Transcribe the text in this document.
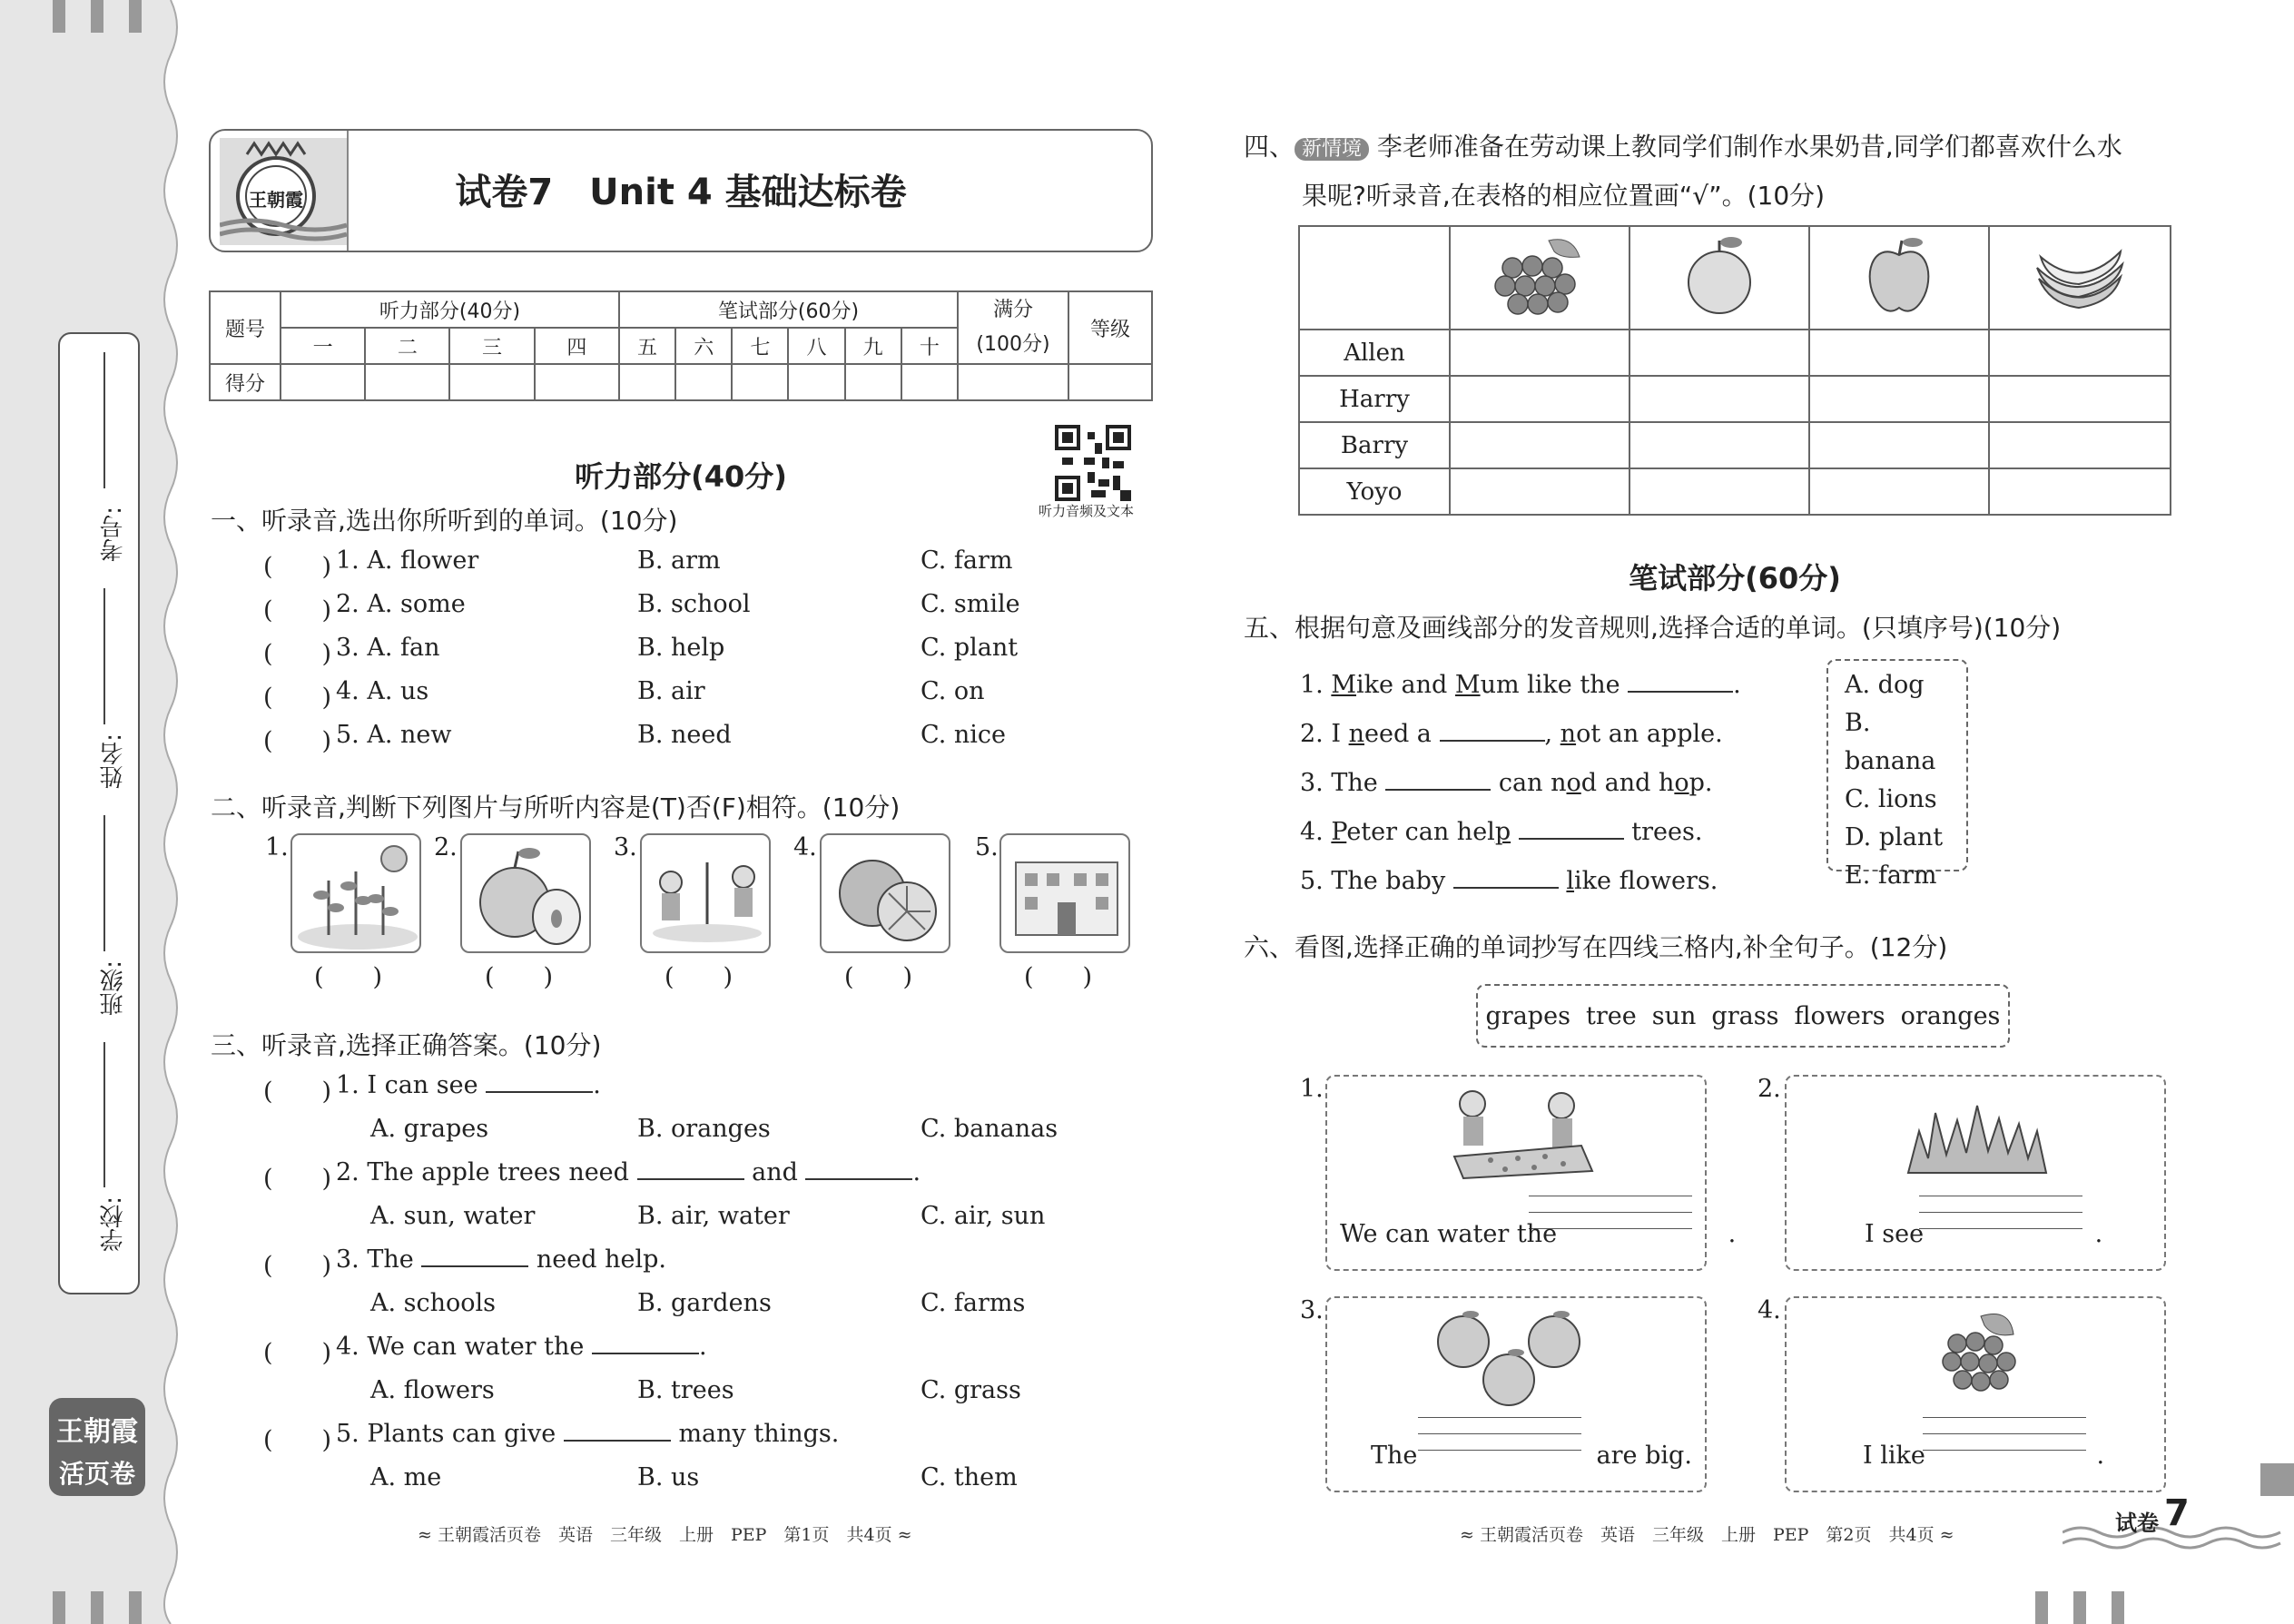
考号:
姓名:
班级:
学校:
王朝霞
活页卷
王朝霞	试卷7　Unit 4 基础达标卷
题号	听力部分(40分)				笔试部分(60分)						满分
(100分)	等级
	一	二	三	四	五	六	七	八	九	十		
得分												
听力音频及文本
听力部分(40分)
一、听录音,选出你所听到的单词。(10分)
(　　) 1. A. flower	B. arm	C. farm
(　　) 2. A. some	B. school	C. smile
(　　) 3. A. fan	B. help	C. plant
(　　) 4. A. us	B. air	C. on
(　　) 5. A. new	B. need	C. nice
二、听录音,判断下列图片与所听内容是(T)否(F)相符。(10分)
1.	2.	3.	4.	5.
(　　)	(　　)	(　　)	(　　)	(　　)
三、听录音,选择正确答案。(10分)
(　　) 1. I can see	.
A. grapes	B. oranges	C. bananas
(　　) 2. The apple trees need	and	.
A. sun, water	B. air, water	C. air, sun
(　　) 3. The	need help.
A. schools	B. gardens	C. farms
(　　) 4. We can water the	.
A. flowers	B. trees	C. grass
(　　) 5. Plants can give	many things.
A. me	B. us	C. them
≈ 王朝霞活页卷　英语　三年级　上册　PEP　第1页　共4页 ≈
四、 新情境 李老师准备在劳动课上教同学们制作水果奶昔,同学们都喜欢什么水
果呢?听录音,在表格的相应位置画“√”。(10分)

Allen				
Harry				
Barry				
Yoyo				
笔试部分(60分)
五、根据句意及画线部分的发音规则,选择合适的单词。(只填序号)(10分)
1. Mike and Mum like the	.
2. I need a	, not an apple.
3. The	can nod and hop.
4. Peter can help	trees.
5. The baby	like fowers.
A. dog
B. banana
C. lions
D. plant
E. farm
六、看图,选择正确的单词抄写在四线三格内,补全句子。(12分)
grapes tree sun grass flowers oranges
1.
We can water the	.
2.
I see	.
3.
The	are big.
4.
I like	.
≈ 王朝霞活页卷　英语　三年级　上册　PEP　第2页　共4页 ≈	试卷 7
